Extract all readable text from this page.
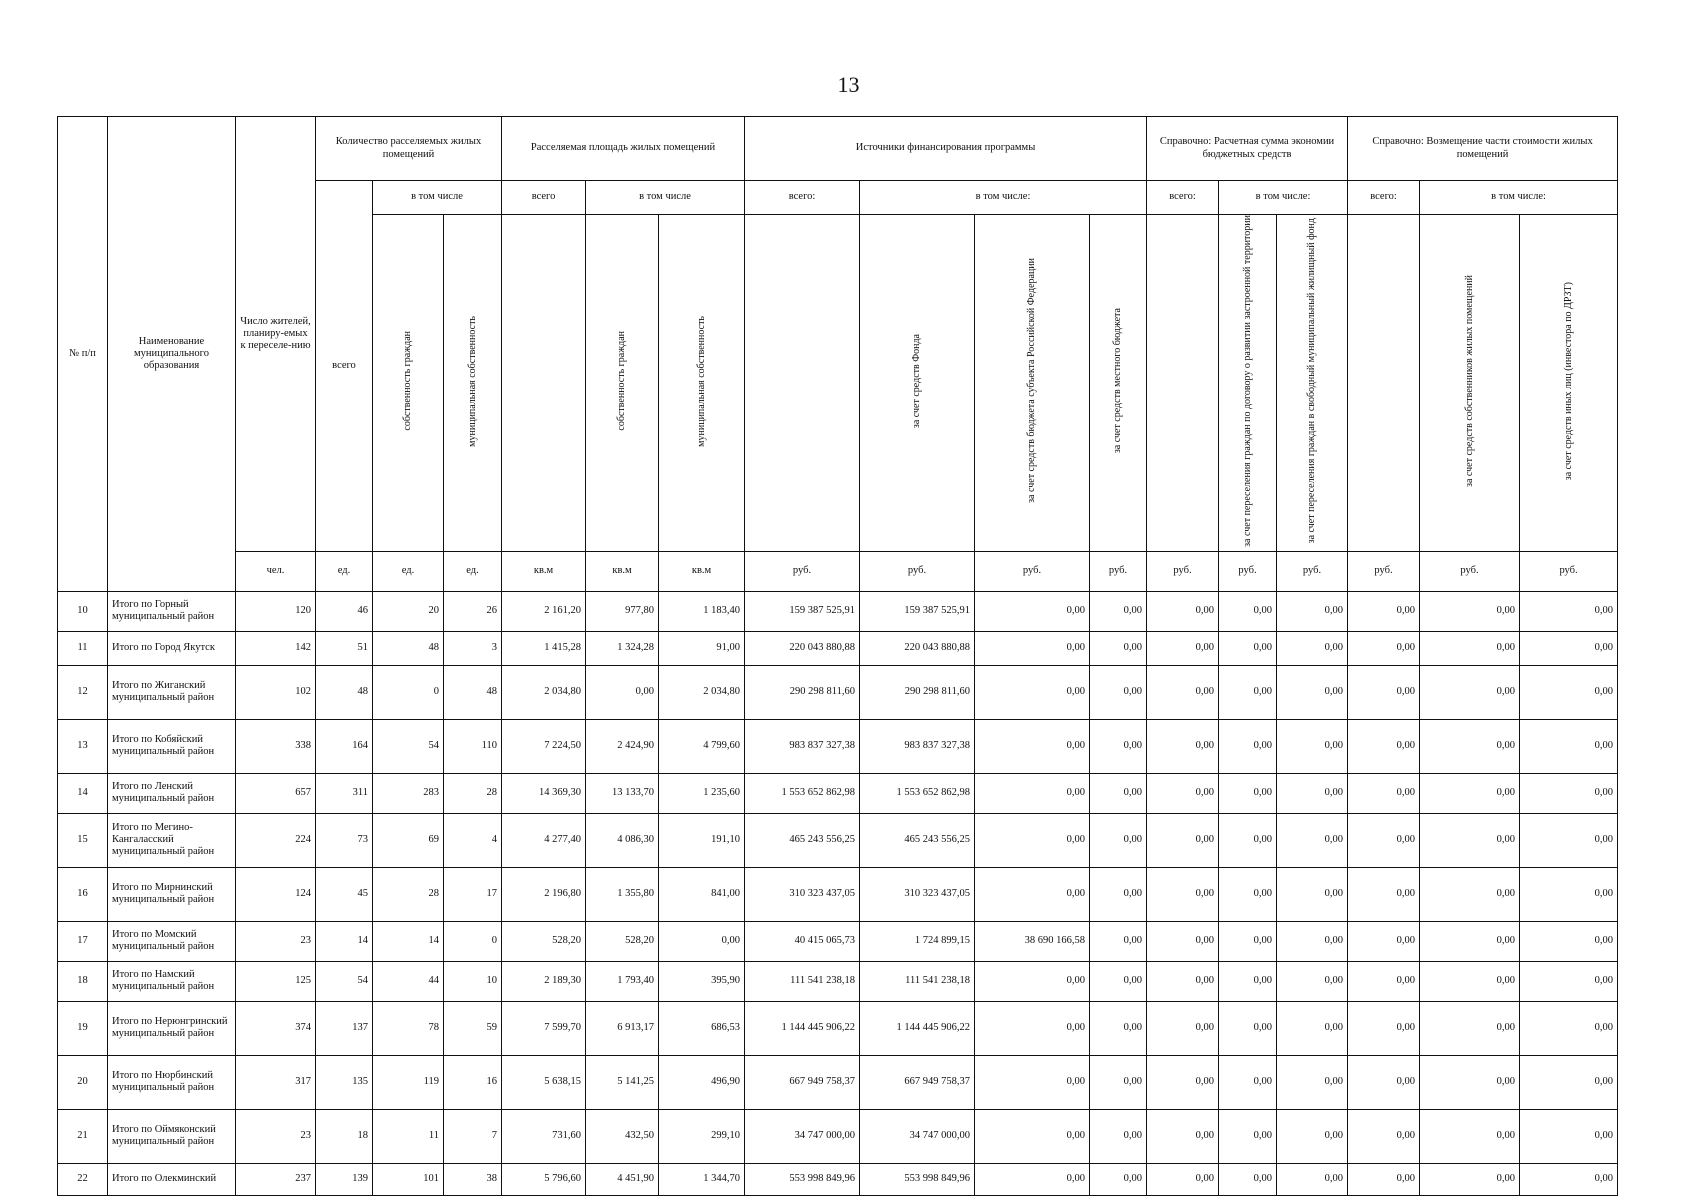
13
№ п/п	Наименование муниципального образования	Число жителей, планиру-емых к переселе-нию	Количество расселяемых жилых помещений			Расселяемая площадь жилых помещений			Источники финансирования программы				Справочно: Расчетная сумма экономии бюджетных средств			Справочно: Возмещение части стоимости жилых помещений		
			всего	в том числе		всего	в том числе		всего:	в том числе:			всего:	в том числе:		всего:	в том числе:	
				собственность граждан	муниципальная собственность		собственность граждан	муниципальная собственность		за счет средств Фонда	за счет средств бюджета субъекта Российской Федерации	за счет средств местного бюджета		за счет переселения граждан по договору о развитии застроенной территории	за счет переселения граждан в свободный муниципальный жилищный фонд		за счет средств собственников жилых помещений	за счет средств иных лиц (инвестора по ДРЗТ)
		чел.	ед.	ед.	ед.	кв.м	кв.м	кв.м	руб.	руб.	руб.	руб.	руб.	руб.	руб.	руб.	руб.	руб.
10	Итого по Горный муниципальный район	120	46	20	26	2 161,20	977,80	1 183,40	159 387 525,91	159 387 525,91	0,00	0,00	0,00	0,00	0,00	0,00	0,00	0,00
11	Итого по Город Якутск	142	51	48	3	1 415,28	1 324,28	91,00	220 043 880,88	220 043 880,88	0,00	0,00	0,00	0,00	0,00	0,00	0,00	0,00
12	Итого по Жиганский муниципальный район	102	48	0	48	2 034,80	0,00	2 034,80	290 298 811,60	290 298 811,60	0,00	0,00	0,00	0,00	0,00	0,00	0,00	0,00
13	Итого по Кобяйский муниципальный район	338	164	54	110	7 224,50	2 424,90	4 799,60	983 837 327,38	983 837 327,38	0,00	0,00	0,00	0,00	0,00	0,00	0,00	0,00
14	Итого по Ленский муниципальный район	657	311	283	28	14 369,30	13 133,70	1 235,60	1 553 652 862,98	1 553 652 862,98	0,00	0,00	0,00	0,00	0,00	0,00	0,00	0,00
15	Итого по Мегино-Кангаласский муниципальный район	224	73	69	4	4 277,40	4 086,30	191,10	465 243 556,25	465 243 556,25	0,00	0,00	0,00	0,00	0,00	0,00	0,00	0,00
16	Итого по Мирнинский муниципальный район	124	45	28	17	2 196,80	1 355,80	841,00	310 323 437,05	310 323 437,05	0,00	0,00	0,00	0,00	0,00	0,00	0,00	0,00
17	Итого по Момский муниципальный район	23	14	14	0	528,20	528,20	0,00	40 415 065,73	1 724 899,15	38 690 166,58	0,00	0,00	0,00	0,00	0,00	0,00	0,00
18	Итого по Намский муниципальный район	125	54	44	10	2 189,30	1 793,40	395,90	111 541 238,18	111 541 238,18	0,00	0,00	0,00	0,00	0,00	0,00	0,00	0,00
19	Итого по Нерюнгринский муниципальный район	374	137	78	59	7 599,70	6 913,17	686,53	1 144 445 906,22	1 144 445 906,22	0,00	0,00	0,00	0,00	0,00	0,00	0,00	0,00
20	Итого по Нюрбинский муниципальный район	317	135	119	16	5 638,15	5 141,25	496,90	667 949 758,37	667 949 758,37	0,00	0,00	0,00	0,00	0,00	0,00	0,00	0,00
21	Итого по Оймяконский муниципальный район	23	18	11	7	731,60	432,50	299,10	34 747 000,00	34 747 000,00	0,00	0,00	0,00	0,00	0,00	0,00	0,00	0,00
22	Итого по Олекминский	237	139	101	38	5 796,60	4 451,90	1 344,70	553 998 849,96	553 998 849,96	0,00	0,00	0,00	0,00	0,00	0,00	0,00	0,00
